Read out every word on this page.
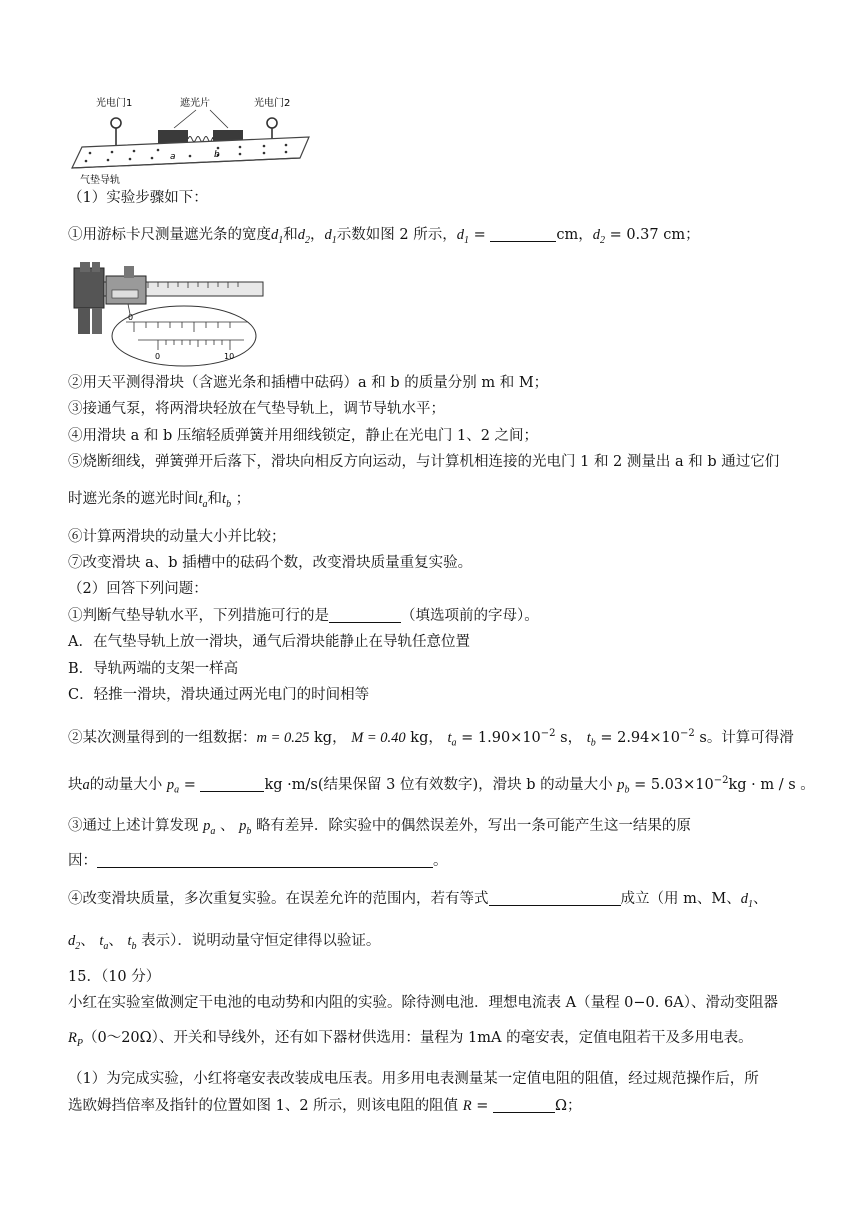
光电门1	遮光片	光电门2
a	b
气垫导轨
（1）实验步骤如下：
①用游标卡尺测量遮光条的宽度$d_1$和$d_2$，$d_1$示数如图 2 所示，$d_1$ =	cm，$d_2 = 0.37$ cm；
0
0	10
②用天平测得滑块（含遮光条和插槽中砝码）a 和 b 的质量分别 m 和 M；
③接通气泵，将两滑块轻放在气垫导轨上，调节导轨水平；
④用滑块 a 和 b 压缩轻质弹簧并用细线锁定，静止在光电门 1、2 之间；
⑤烧断细线，弹簧弹开后落下，滑块向相反方向运动，与计算机相连接的光电门 1 和 2 测量出 a 和 b 通过它们
时遮光条的遮光时间$t_a$和$t_b$ ；
⑥计算两滑块的动量大小并比较；
⑦改变滑块 a、b 插槽中的砝码个数，改变滑块质量重复实验。
（2）回答下列问题：
①判断气垫导轨水平，下列措施可行的是	（填选项前的字母）。
A．在气垫导轨上放一滑块，通气后滑块能静止在导轨任意位置
B．导轨两端的支架一样高
C．轻推一滑块，滑块通过两光电门的时间相等
②某次测量得到的一组数据：m = 0.25 kg， M = 0.40 kg， $t_a = 1.90\times 10^{-2}$ s， $t_b = 2.94\times 10^{-2}$ s。计算可得滑
块a的动量大小 $p_a$ =	kg ·m/s(结果保留 3 位有效数字)，滑块 b 的动量大小 $p_b = 5.03\times 10^{-2}kg \cdot m / s$ 。
③通过上述计算发现 $p_a$ 、 $p_b$ 略有差异．除实验中的偶然误差外，写出一条可能产生这一结果的原
因：	。
④改变滑块质量，多次重复实验。在误差允许的范围内，若有等式	成立（用 m、M、$d_1$、
$d_2$、 $t_a$、 $t_b$ 表示）．说明动量守恒定律得以验证。
15．（10 分）
小红在实验室做测定干电池的电动势和内阻的实验。除待测电池．理想电流表 A（量程 0−0. 6A）、滑动变阻器
$R_P(0\sim 20\Omega)$、开关和导线外，还有如下器材供选用：量程为 1mA 的毫安表，定值电阻若干及多用电表。
（1）为完成实验，小红将毫安表改装成电压表。用多用电表测量某一定值电阻的阻值，经过规范操作后，所
选欧姆挡倍率及指针的位置如图 1、2 所示，则该电阻的阻值 R =	Ω；
